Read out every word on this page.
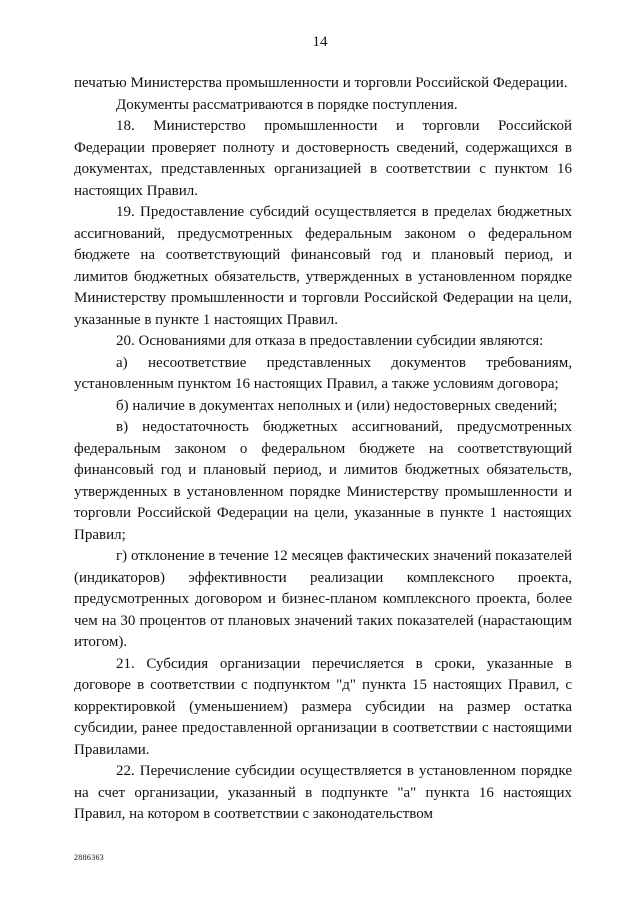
14

печатью Министерства промышленности и торговли Российской Федерации.

Документы рассматриваются в порядке поступления.

18. Министерство промышленности и торговли Российской Федерации проверяет полноту и достоверность сведений, содержащихся в документах, представленных организацией в соответствии с пунктом 16 настоящих Правил.

19. Предоставление субсидий осуществляется в пределах бюджетных ассигнований, предусмотренных федеральным законом о федеральном бюджете на соответствующий финансовый год и плановый период, и лимитов бюджетных обязательств, утвержденных в установленном порядке Министерству промышленности и торговли Российской Федерации на цели, указанные в пункте 1 настоящих Правил.

20. Основаниями для отказа в предоставлении субсидии являются:

а) несоответствие представленных документов требованиям, установленным пунктом 16 настоящих Правил, а также условиям договора;

б) наличие в документах неполных и (или) недостоверных сведений;

в) недостаточность бюджетных ассигнований, предусмотренных федеральным законом о федеральном бюджете на соответствующий финансовый год и плановый период, и лимитов бюджетных обязательств, утвержденных в установленном порядке Министерству промышленности и торговли Российской Федерации на цели, указанные в пункте 1 настоящих Правил;

г) отклонение в течение 12 месяцев фактических значений показателей (индикаторов) эффективности реализации комплексного проекта, предусмотренных договором и бизнес-планом комплексного проекта, более чем на 30 процентов от плановых значений таких показателей (нарастающим итогом).

21. Субсидия организации перечисляется в сроки, указанные в договоре в соответствии с подпунктом "д" пункта 15 настоящих Правил, с корректировкой (уменьшением) размера субсидии на размер остатка субсидии, ранее предоставленной организации в соответствии с настоящими Правилами.

22. Перечисление субсидии осуществляется в установленном порядке на счет организации, указанный в подпункте "а" пункта 16 настоящих Правил, на котором в соответствии с законодательством

2886363
